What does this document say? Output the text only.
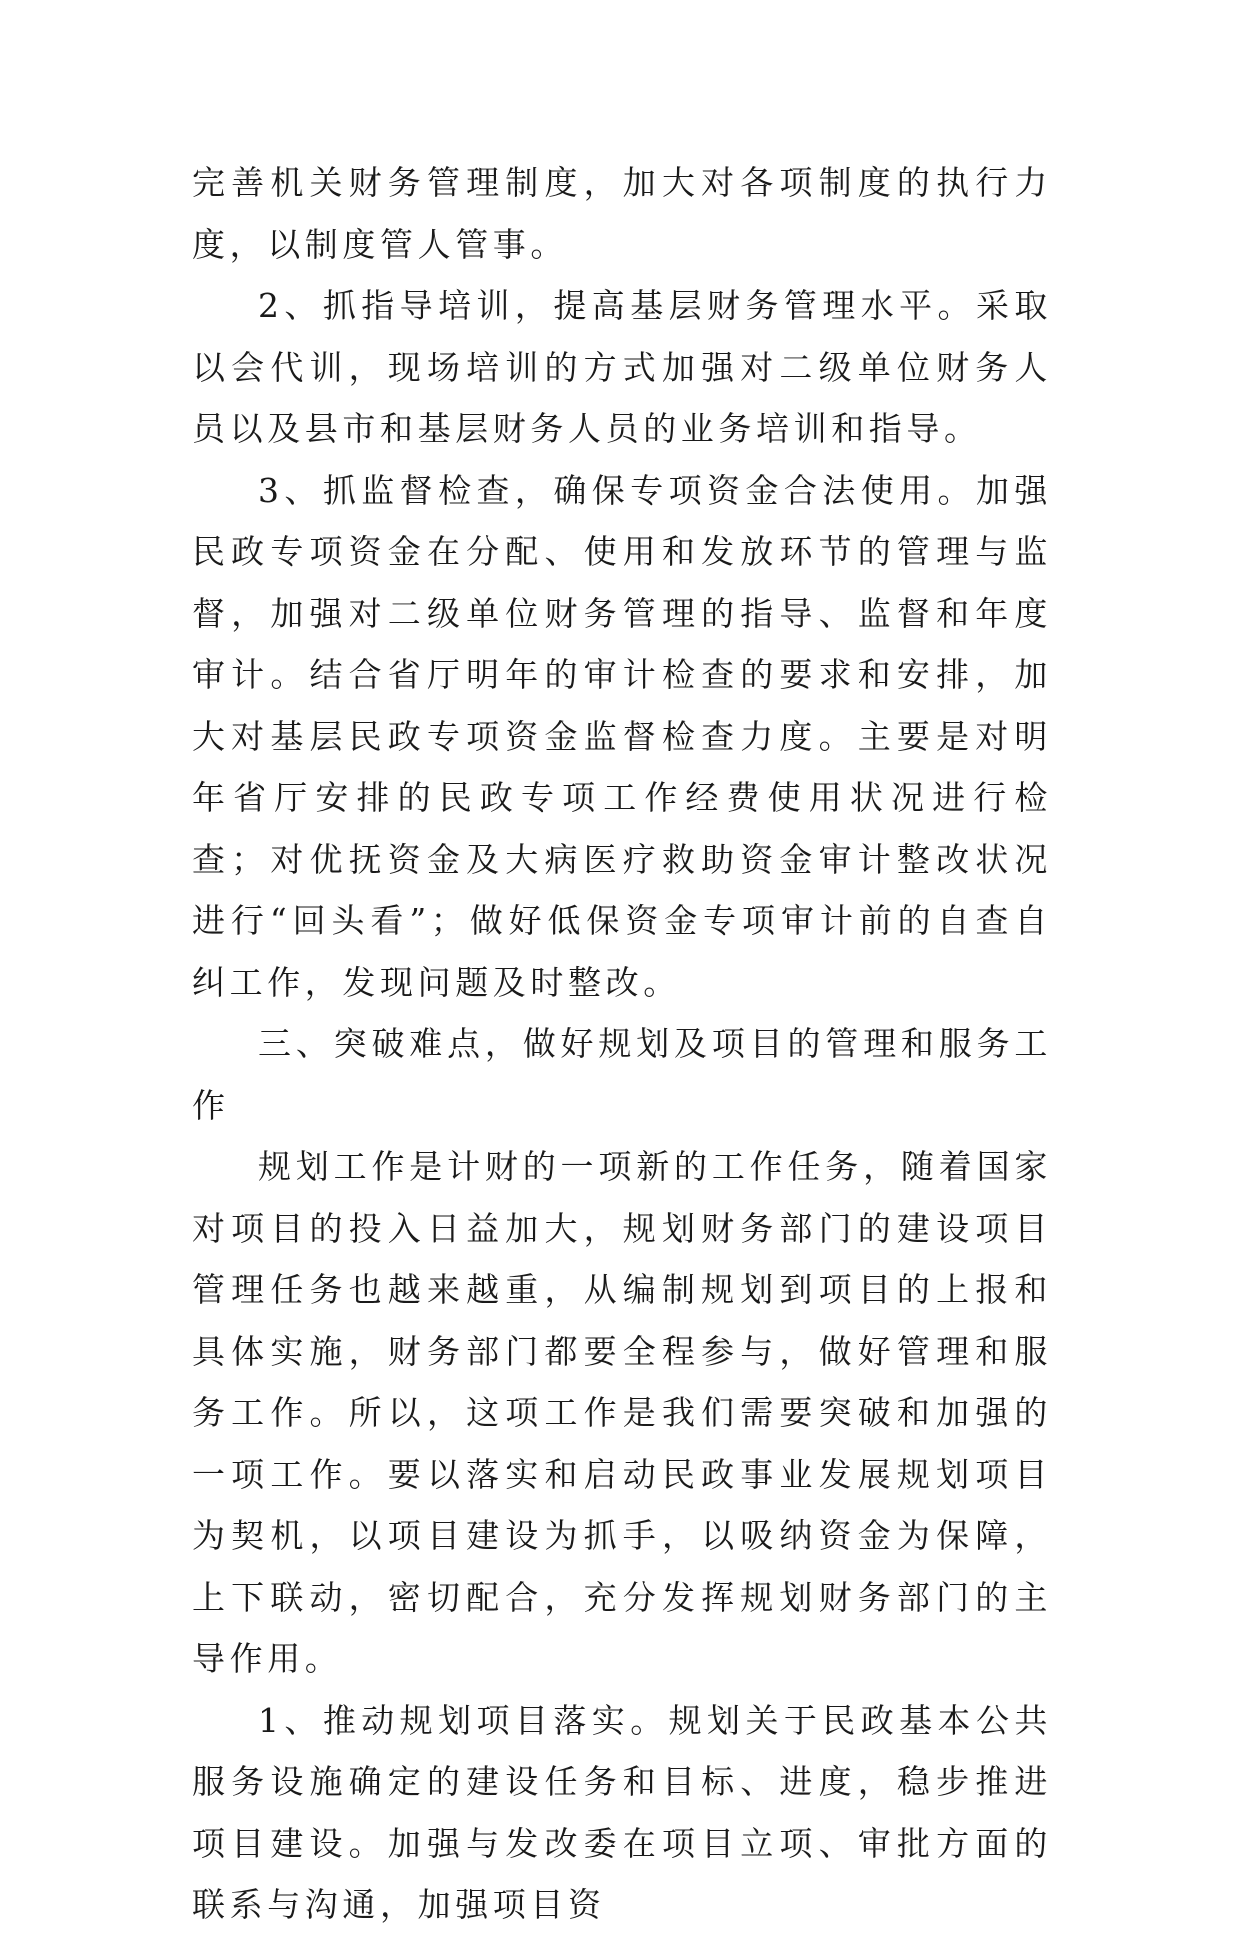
完善机关财务管理制度，加大对各项制度的执行力度，以制度管人管事。

2、抓指导培训，提高基层财务管理水平。采取以会代训，现场培训的方式加强对二级单位财务人员以及县市和基层财务人员的业务培训和指导。

3、抓监督检查，确保专项资金合法使用。加强民政专项资金在分配、使用和发放环节的管理与监督，加强对二级单位财务管理的指导、监督和年度审计。结合省厅明年的审计检查的要求和安排，加大对基层民政专项资金监督检查力度。主要是对明年省厅安排的民政专项工作经费使用状况进行检查；对优抚资金及大病医疗救助资金审计整改状况进行“回头看”；做好低保资金专项审计前的自查自纠工作，发现问题及时整改。

三、突破难点，做好规划及项目的管理和服务工作

规划工作是计财的一项新的工作任务，随着国家对项目的投入日益加大，规划财务部门的建设项目管理任务也越来越重，从编制规划到项目的上报和具体实施，财务部门都要全程参与，做好管理和服务工作。所以，这项工作是我们需要突破和加强的一项工作。要以落实和启动民政事业发展规划项目为契机，以项目建设为抓手，以吸纳资金为保障，上下联动，密切配合，充分发挥规划财务部门的主导作用。

1、推动规划项目落实。规划关于民政基本公共服务设施确定的建设任务和目标、进度，稳步推进项目建设。加强与发改委在项目立项、审批方面的联系与沟通，加强项目资
